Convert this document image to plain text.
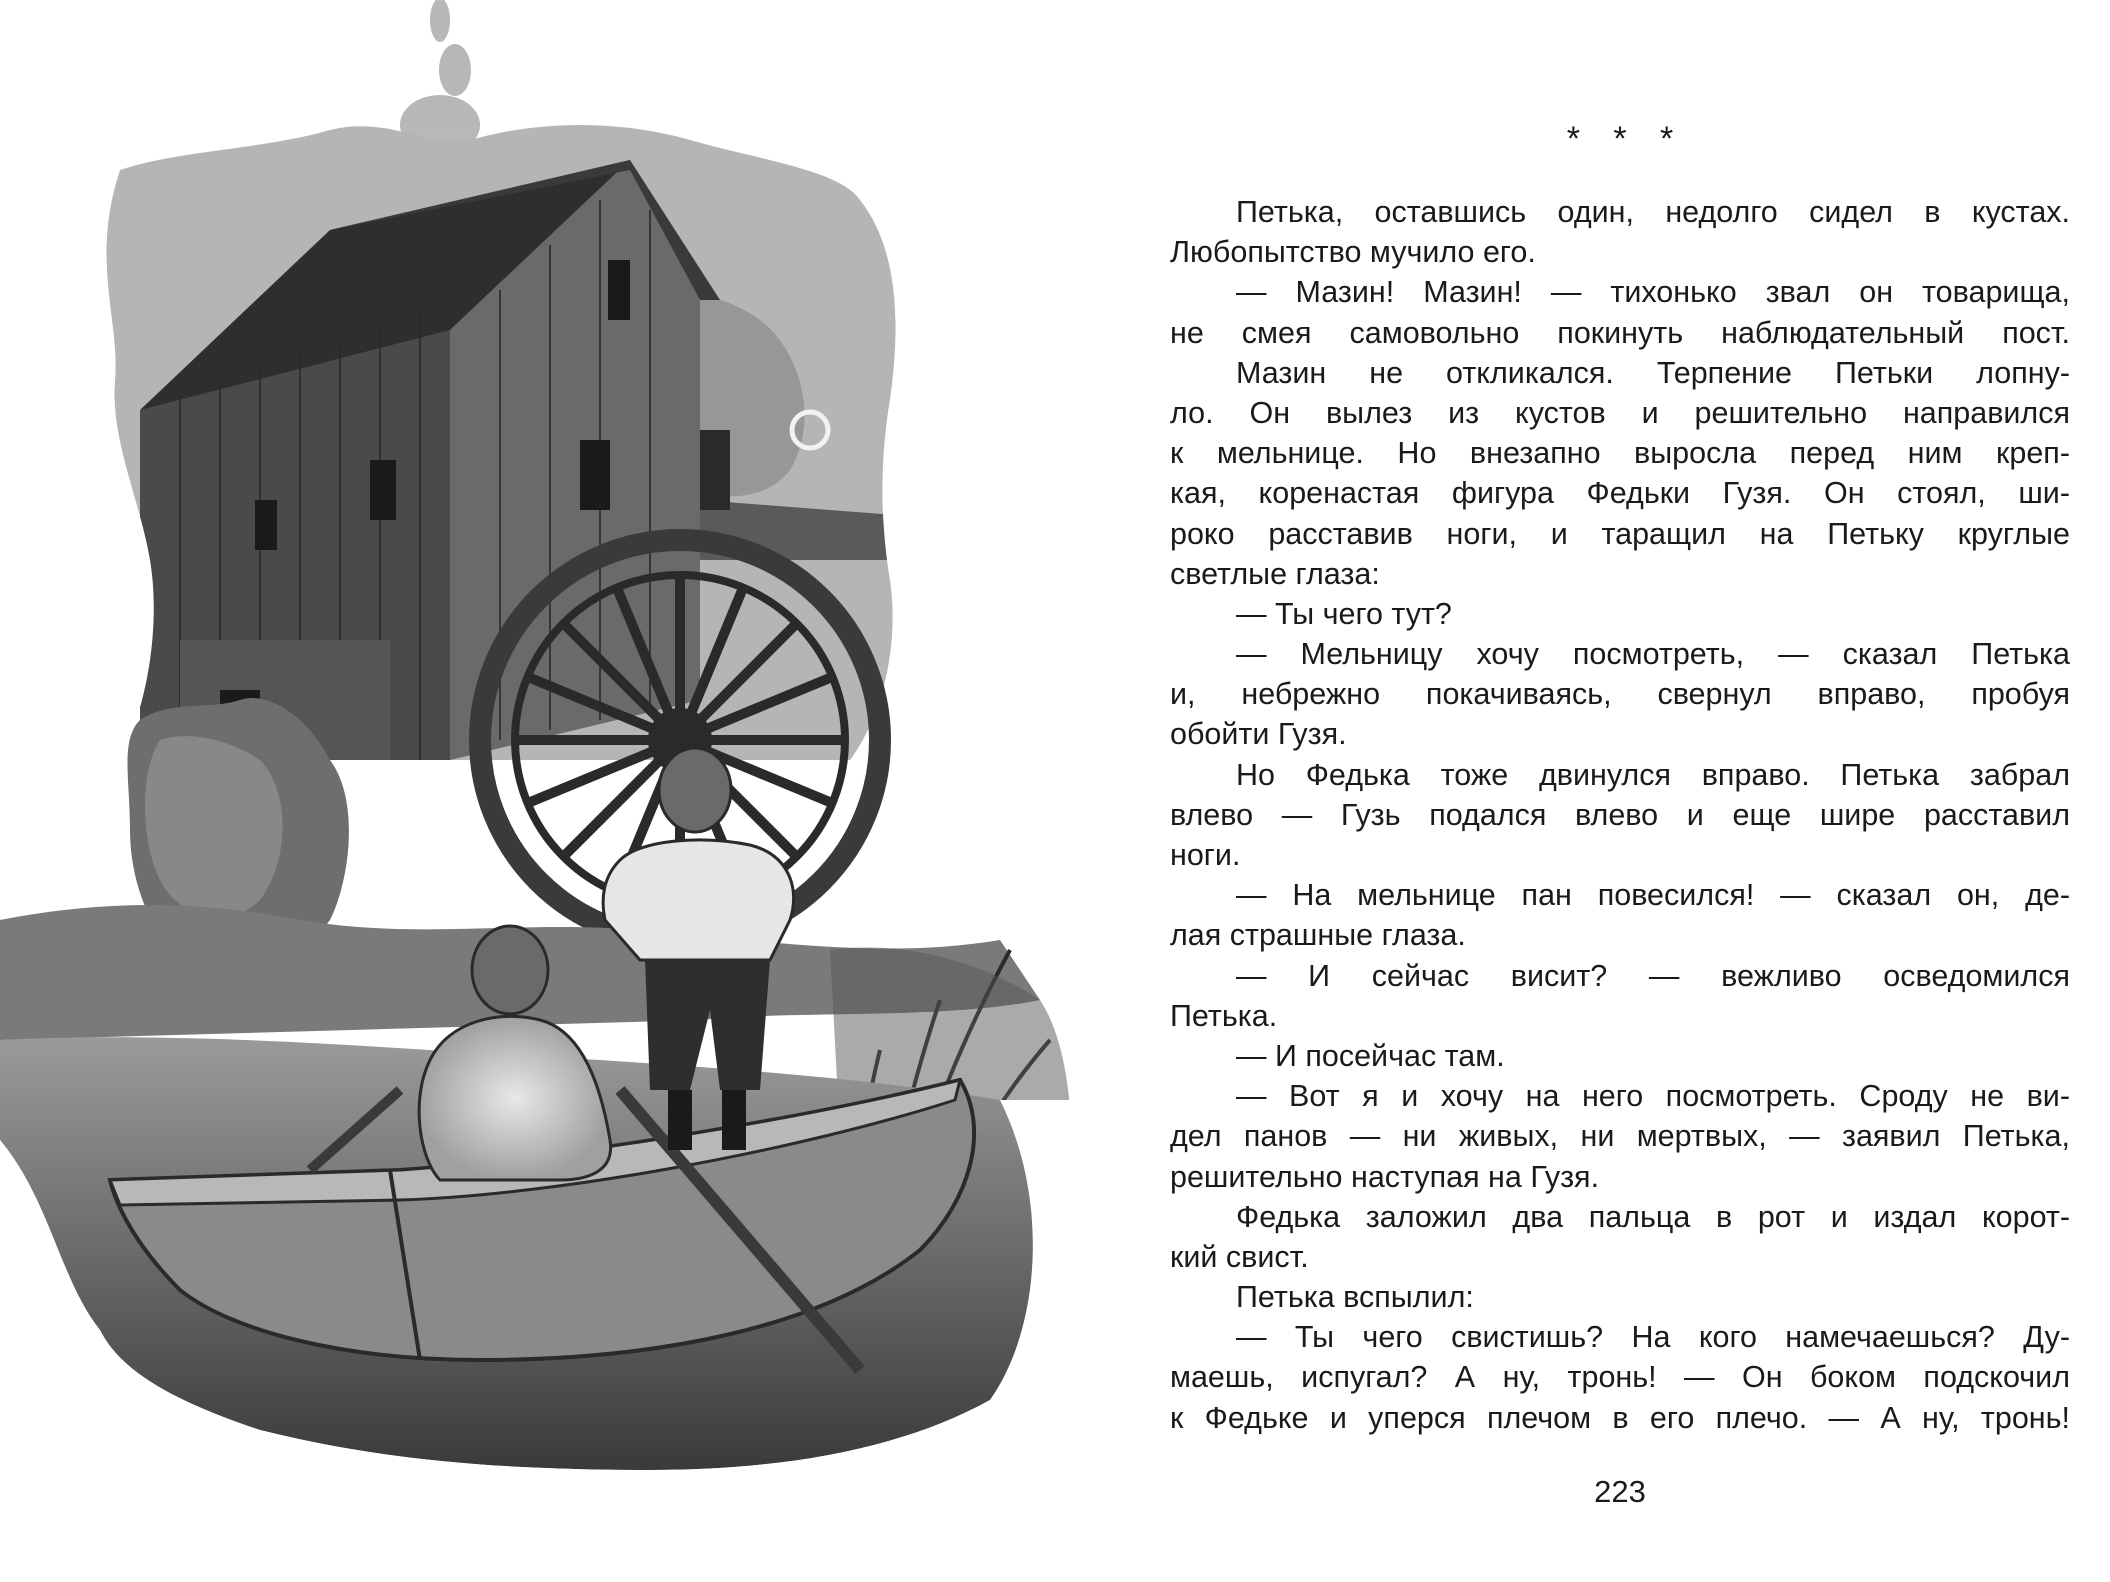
* * *
Петька, оставшись один, недолго сидел в кустах.
Любопытство мучило его.
— Мазин! Мазин! — тихонько звал он товарища,
не смея самовольно покинуть наблюдательный пост.
Мазин не откликался. Терпение Петьки лопну-
ло. Он вылез из кустов и решительно направился
к мельнице. Но внезапно выросла перед ним креп-
кая, коренастая фигура Федьки Гузя. Он стоял, ши-
роко расставив ноги, и таращил на Петьку круглые
светлые глаза:
— Ты чего тут?
— Мельницу хочу посмотреть, — сказал Петька
и, небрежно покачиваясь, свернул вправо, пробуя
обойти Гузя.
Но Федька тоже двинулся вправо. Петька забрал
влево — Гузь подался влево и еще шире расставил
ноги.
— На мельнице пан повесился! — сказал он, де-
лая страшные глаза.
— И сейчас висит? — вежливо осведомился
Петька.
— И посейчас там.
— Вот я и хочу на него посмотреть. Сроду не ви-
дел панов — ни живых, ни мертвых, — заявил Петька,
решительно наступая на Гузя.
Федька заложил два пальца в рот и издал корот-
кий свист.
Петька вспылил:
— Ты чего свистишь? На кого намечаешься? Ду-
маешь, испугал? А ну, тронь! — Он боком подскочил
к Федьке и уперся плечом в его плечо. — А ну, тронь!
223
